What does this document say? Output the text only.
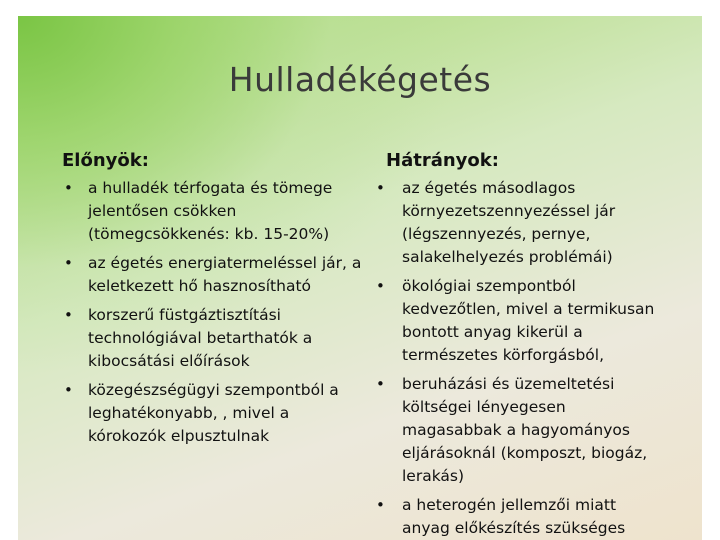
Hulladékégetés
Előnyök:
• a hulladék térfogata és tömege jelentősen csökken (tömegcsökkenés: kb. 15-20%)
• az égetés energiatermeléssel jár, a keletkezett hő hasznosítható
• korszerű füstgáztisztítási technológiával betarthatók a kibocsátási előírások
• közegészségügyi szempontból a leghatékonyabb, , mivel a kórokozók elpusztulnak
Hátrányok:
• az égetés másodlagos környezetszennyezéssel jár (légszennyezés, pernye, salakelhelyezés problémái)
• ökológiai szempontból kedvezőtlen, mivel a termikusan bontott anyag kikerül a természetes körforgásból,
• beruházási és üzemeltetési költségei lényegesen magasabbak a hagyományos eljárásoknál (komposzt, biogáz, lerakás)
• a heterogén jellemzői miatt anyag előkészítés szükséges
